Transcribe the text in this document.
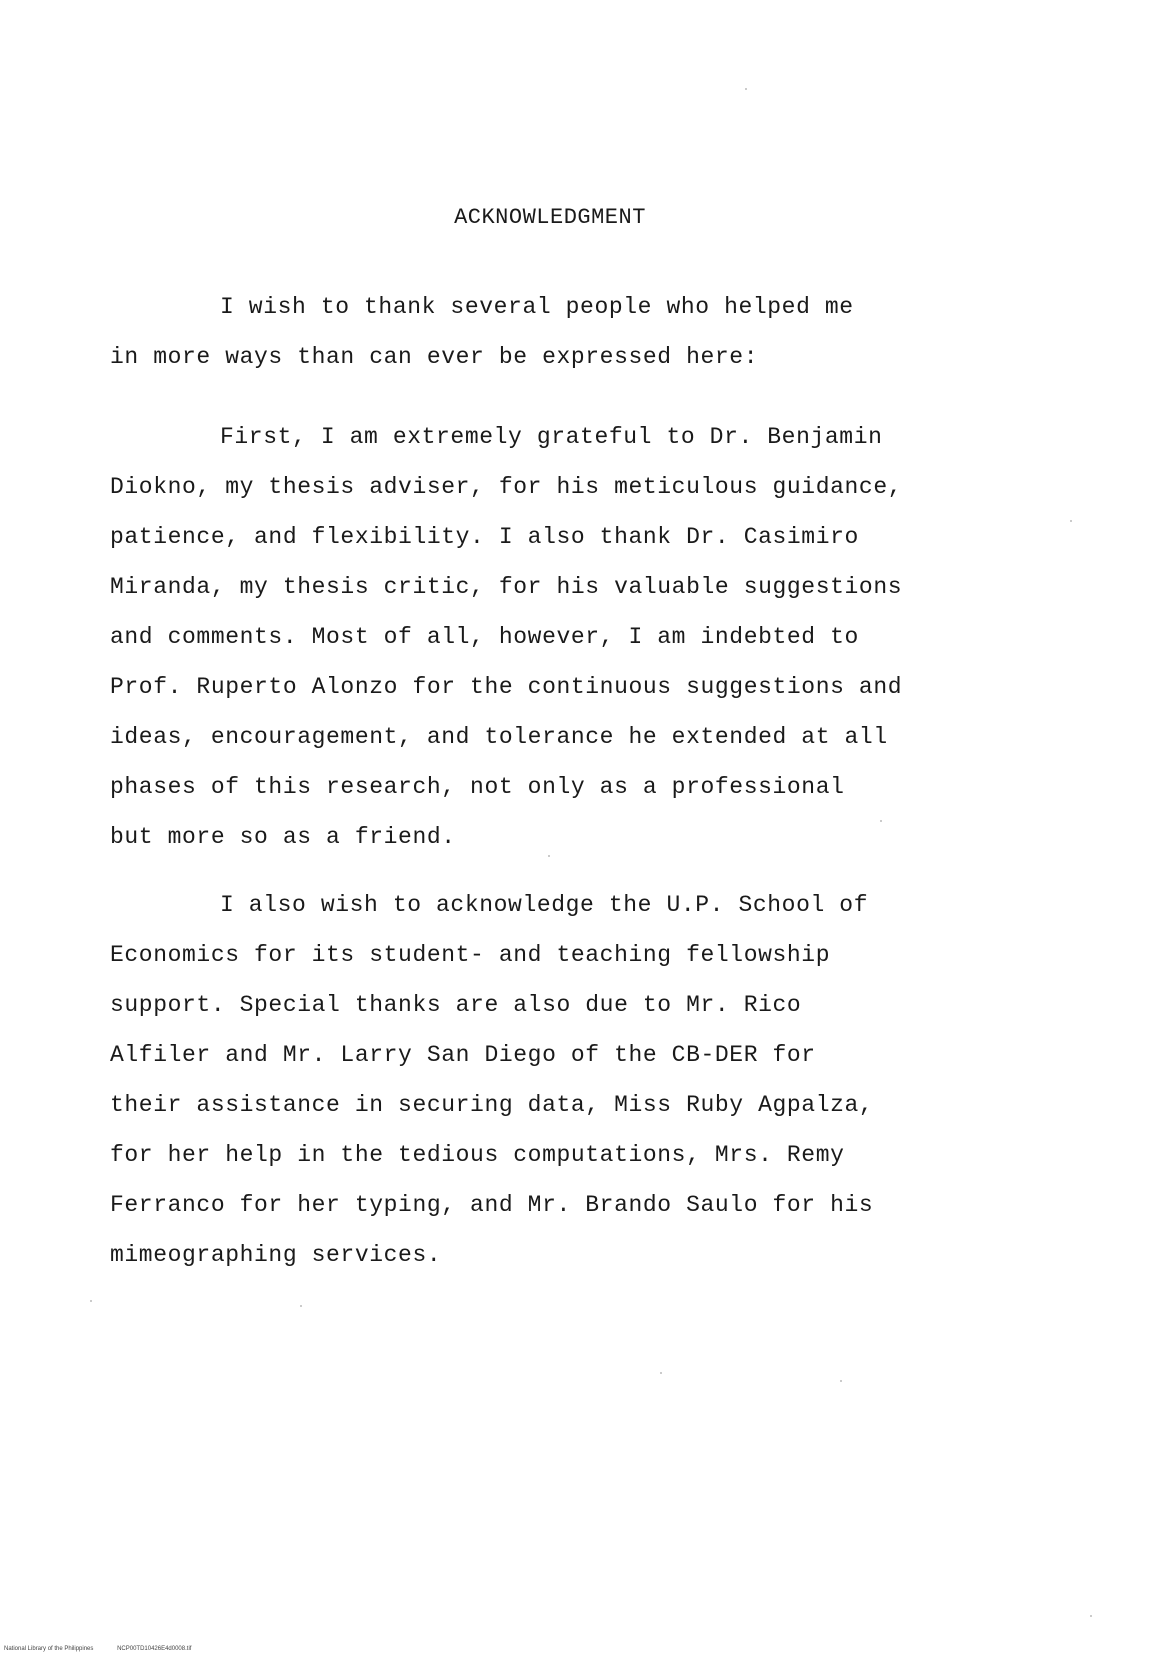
ACKNOWLEDGMENT

I wish to thank several people who helped me

in more ways than can ever be expressed here:

First, I am extremely grateful to Dr. Benjamin

Diokno, my thesis adviser, for his meticulous guidance,

patience, and flexibility. I also thank Dr. Casimiro

Miranda, my thesis critic, for his valuable suggestions

and comments. Most of all, however, I am indebted to

Prof. Ruperto Alonzo for the continuous suggestions and

ideas, encouragement, and tolerance he extended at all

phases of this research, not only as a professional

but more so as a friend.

I also wish to acknowledge the U.P. School of

Economics for its student- and teaching fellowship

support. Special thanks are also due to Mr. Rico

Alfiler and Mr. Larry San Diego of the CB-DER for

their assistance in securing data, Miss Ruby Agpalza,

for her help in the tedious computations, Mrs. Remy

Ferranco for her typing, and Mr. Brando Saulo for his

mimeographing services.

National Library of the Philippines	NCP00TD10426E4d0008.tif
